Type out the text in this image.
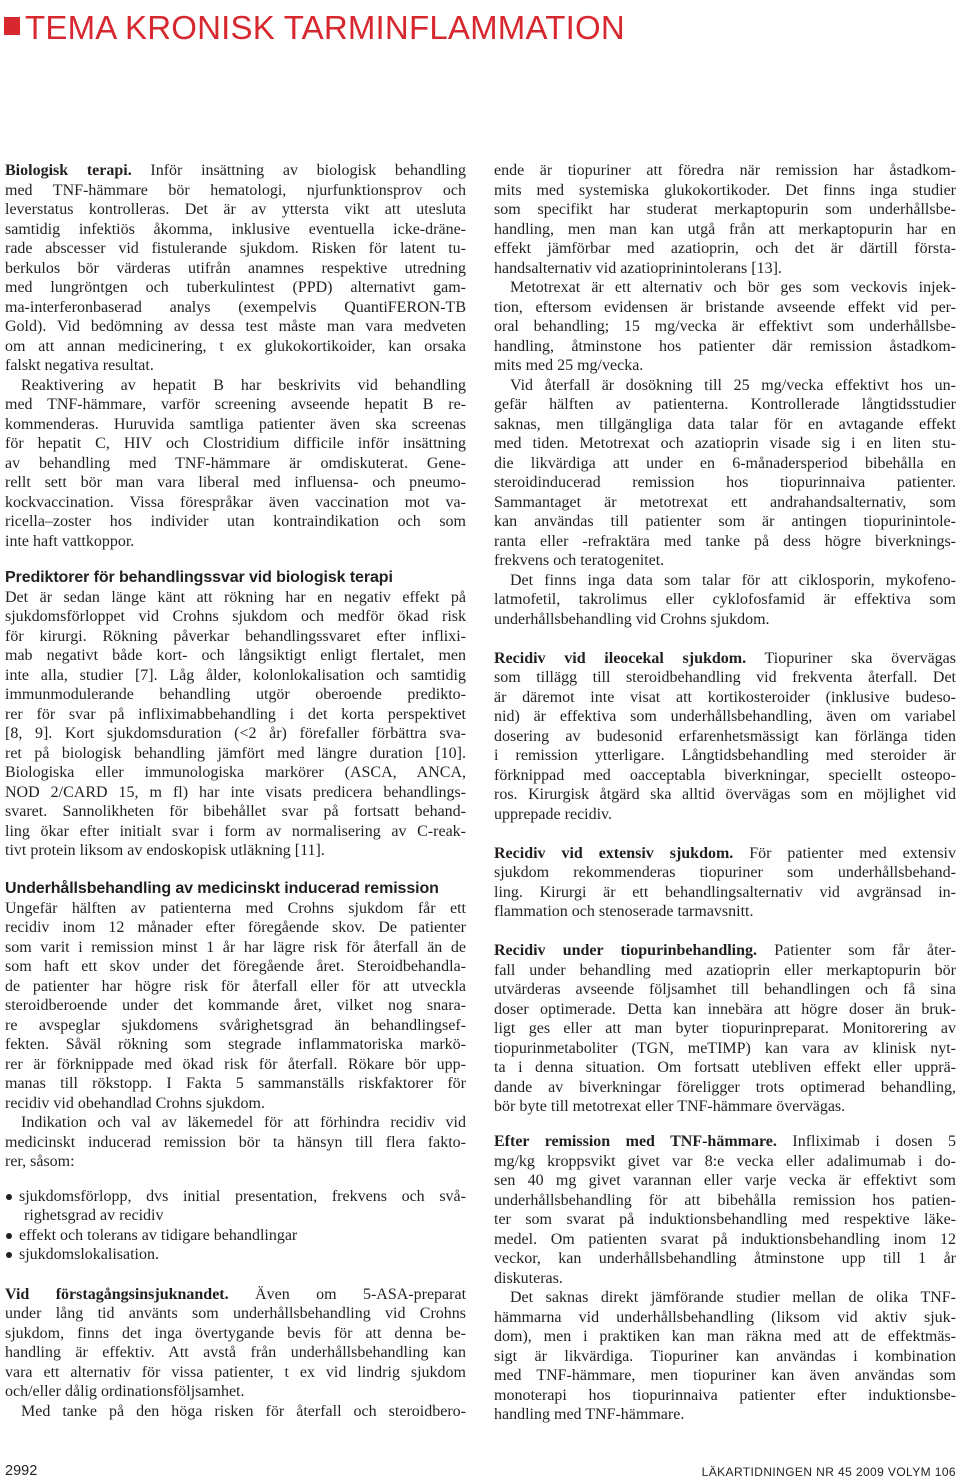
TEMA KRONISK TARMINFLAMMATION
Biologisk terapi. Inför insättning av biologisk behandling
med TNF-hämmare bör hematologi, njurfunktionsprov och
leverstatus kontrolleras. Det är av yttersta vikt att utesluta
samtidig infektiös åkomma, inklusive eventuella icke-dräne-
rade abscesser vid fistulerande sjukdom. Risken för latent tu-
berkulos bör värderas utifrån anamnes respektive utredning
med lungröntgen och tuberkulintest (PPD) alternativt gam-
ma-interferonbaserad analys (exempelvis QuantiFERON-TB
Gold). Vid bedömning av dessa test måste man vara medveten
om att annan medicinering, t ex glukokortikoider, kan orsaka
falskt negativa resultat.
Reaktivering av hepatit B har beskrivits vid behandling
med TNF-hämmare, varför screening avseende hepatit B re-
kommenderas. Huruvida samtliga patienter även ska screenas
för hepatit C, HIV och Clostridium difficile inför insättning
av behandling med TNF-hämmare är omdiskuterat. Gene-
rellt sett bör man vara liberal med influensa- och pneumo-
kockvaccination. Vissa förespråkar även vaccination mot va-
ricella–zoster hos individer utan kontraindikation och som
inte haft vattkoppor.
Prediktorer för behandlingssvar vid biologisk terapi
Det är sedan länge känt att rökning har en negativ effekt på
sjukdomsförloppet vid Crohns sjukdom och medför ökad risk
för kirurgi. Rökning påverkar behandlingssvaret efter inflixi-
mab negativt både kort- och långsiktigt enligt flertalet, men
inte alla, studier [7]. Låg ålder, kolonlokalisation och samtidig
immunmodulerande behandling utgör oberoende predikto-
rer för svar på infliximabbehandling i det korta perspektivet
[8, 9]. Kort sjukdomsduration (<2 år) förefaller förbättra sva-
ret på biologisk behandling jämfört med längre duration [10].
Biologiska eller immunologiska markörer (ASCA, ANCA,
NOD 2/CARD 15, m fl) har inte visats predicera behandlings-
svaret. Sannolikheten för bibehållet svar på fortsatt behand-
ling ökar efter initialt svar i form av normalisering av C-reak-
tivt protein liksom av endoskopisk utläkning [11].
Underhållsbehandling av medicinskt inducerad remission
Ungefär hälften av patienterna med Crohns sjukdom får ett
recidiv inom 12 månader efter föregående skov. De patienter
som varit i remission minst 1 år har lägre risk för återfall än de
som haft ett skov under det föregående året. Steroidbehandla-
de patienter har högre risk för återfall eller för att utveckla
steroidberoende under det kommande året, vilket nog snara-
re avspeglar sjukdomens svårighetsgrad än behandlingsef-
fekten. Såväl rökning som stegrade inflammatoriska markö-
rer är förknippade med ökad risk för återfall. Rökare bör upp-
manas till rökstopp. I Fakta 5 sammanställs riskfaktorer för
recidiv vid obehandlad Crohns sjukdom.
Indikation och val av läkemedel för att förhindra recidiv vid
medicinskt inducerad remission bör ta hänsyn till flera fakto-
rer, såsom:
sjukdomsförlopp, dvs initial presentation, frekvens och svå-
righetsgrad av recidiv
effekt och tolerans av tidigare behandlingar
sjukdomslokalisation.
Vid förstagångsinsjuknandet. Även om 5-ASA-preparat
under lång tid använts som underhållsbehandling vid Crohns
sjukdom, finns det inga övertygande bevis för att denna be-
handling är effektiv. Att avstå från underhållsbehandling kan
vara ett alternativ för vissa patienter, t ex vid lindrig sjukdom
och/eller dålig ordinationsföljsamhet.
Med tanke på den höga risken för återfall och steroidbero-
ende är tiopuriner att föredra när remission har åstadkom-
mits med systemiska glukokortikoder. Det finns inga studier
som specifikt har studerat merkaptopurin som underhållsbe-
handling, men man kan utgå från att merkaptopurin har en
effekt jämförbar med azatioprin, och det är därtill första-
handsalternativ vid azatioprinintolerans [13].
Metotrexat är ett alternativ och bör ges som veckovis injek-
tion, eftersom evidensen är bristande avseende effekt vid per-
oral behandling; 15 mg/vecka är effektivt som underhållsbe-
handling, åtminstone hos patienter där remission åstadkom-
mits med 25 mg/vecka.
Vid återfall är dosökning till 25 mg/vecka effektivt hos un-
gefär hälften av patienterna. Kontrollerade långtidsstudier
saknas, men tillgängliga data talar för en avtagande effekt
med tiden. Metotrexat och azatioprin visade sig i en liten stu-
die likvärdiga att under en 6-månadersperiod bibehålla en
steroidinducerad remission hos tiopurinnaiva patienter.
Sammantaget är metotrexat ett andrahandsalternativ, som
kan användas till patienter som är antingen tiopurinintole-
ranta eller -refraktära med tanke på dess högre biverknings-
frekvens och teratogenitet.
Det finns inga data som talar för att ciklosporin, mykofeno-
latmofetil, takrolimus eller cyklofosfamid är effektiva som
underhållsbehandling vid Crohns sjukdom.
Recidiv vid ileocekal sjukdom. Tiopuriner ska övervägas
som tillägg till steroidbehandling vid frekventa återfall. Det
är däremot inte visat att kortikosteroider (inklusive budeso-
nid) är effektiva som underhållsbehandling, även om variabel
dosering av budesonid erfarenhetsmässigt kan förlänga tiden
i remission ytterligare. Långtidsbehandling med steroider är
förknippad med oacceptabla biverkningar, speciellt osteopo-
ros. Kirurgisk åtgärd ska alltid övervägas som en möjlighet vid
upprepade recidiv.
Recidiv vid extensiv sjukdom. För patienter med extensiv
sjukdom rekommenderas tiopuriner som underhållsbehand-
ling. Kirurgi är ett behandlingsalternativ vid avgränsad in-
flammation och stenoserade tarmavsnitt.
Recidiv under tiopurinbehandling. Patienter som får åter-
fall under behandling med azatioprin eller merkaptopurin bör
utvärderas avseende följsamhet till behandlingen och få sina
doser optimerade. Detta kan innebära att högre doser än bruk-
ligt ges eller att man byter tiopurinpreparat. Monitorering av
tiopurinmetaboliter (TGN, meTIMP) kan vara av klinisk nyt-
ta i denna situation. Om fortsatt utebliven effekt eller upprä-
dande av biverkningar föreligger trots optimerad behandling,
bör byte till metotrexat eller TNF-hämmare övervägas.
Efter remission med TNF-hämmare. Infliximab i dosen 5
mg/kg kroppsvikt givet var 8:e vecka eller adalimumab i do-
sen 40 mg givet varannan eller varje vecka är effektivt som
underhållsbehandling för att bibehålla remission hos patien-
ter som svarat på induktionsbehandling med respektive läke-
medel. Om patienten svarat på induktionsbehandling inom 12
veckor, kan underhållsbehandling åtminstone upp till 1 år
diskuteras.
Det saknas direkt jämförande studier mellan de olika TNF-
hämmarna vid underhållsbehandling (liksom vid aktiv sjuk-
dom), men i praktiken kan man räkna med att de effektmäs-
sigt är likvärdiga. Tiopuriner kan användas i kombination
med TNF-hämmare, men tiopuriner kan även användas som
monoterapi hos tiopurinnaiva patienter efter induktionsbe-
handling med TNF-hämmare.
2992	LÄKARTIDNINGEN NR 45 2009 VOLYM 106
